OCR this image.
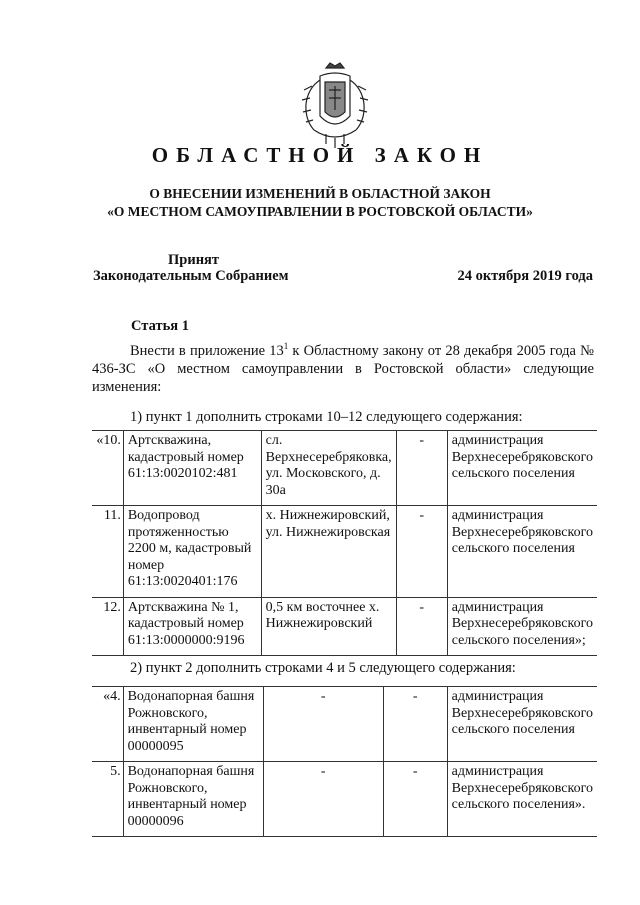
ОБЛАСТНОЙ ЗАКОН
О ВНЕСЕНИИ ИЗМЕНЕНИЙ В ОБЛАСТНОЙ ЗАКОН
«О МЕСТНОМ САМОУПРАВЛЕНИИ В РОСТОВСКОЙ ОБЛАСТИ»
Принят
Законодательным Собранием	24 октября 2019 года
Статья 1
Внести в приложение $13^1$ к Областному закону от 28 декабря 2005 года № 436-ЗС «О местном самоуправлении в Ростовской области» следующие изменения:
1) пункт 1 дополнить строками 10–12 следующего содержания:
«10.	Артскважина, кадастровый номер 61:13:0020102:481	сл. Верхнесеребряковка, ул. Московского, д. 30а	-	администрация Верхнесеребряковского сельского поселения
11.	Водопровод протяженностью 2200 м, кадастровый номер 61:13:0020401:176	х. Нижнежировский, ул. Нижнежировская	-	администрация Верхнесеребряковского сельского поселения
12.	Артскважина № 1, кадастровый номер 61:13:0000000:9196	0,5 км восточнее х. Нижнежировский	-	администрация Верхнесеребряковского сельского поселения»;
2) пункт 2 дополнить строками 4 и 5 следующего содержания:
«4.	Водонапорная башня Рожновского, инвентарный номер 00000095	-	-	администрация Верхнесеребряковского сельского поселения
5.	Водонапорная башня Рожновского, инвентарный номер 00000096	-	-	администрация Верхнесеребряковского сельского поселения».
